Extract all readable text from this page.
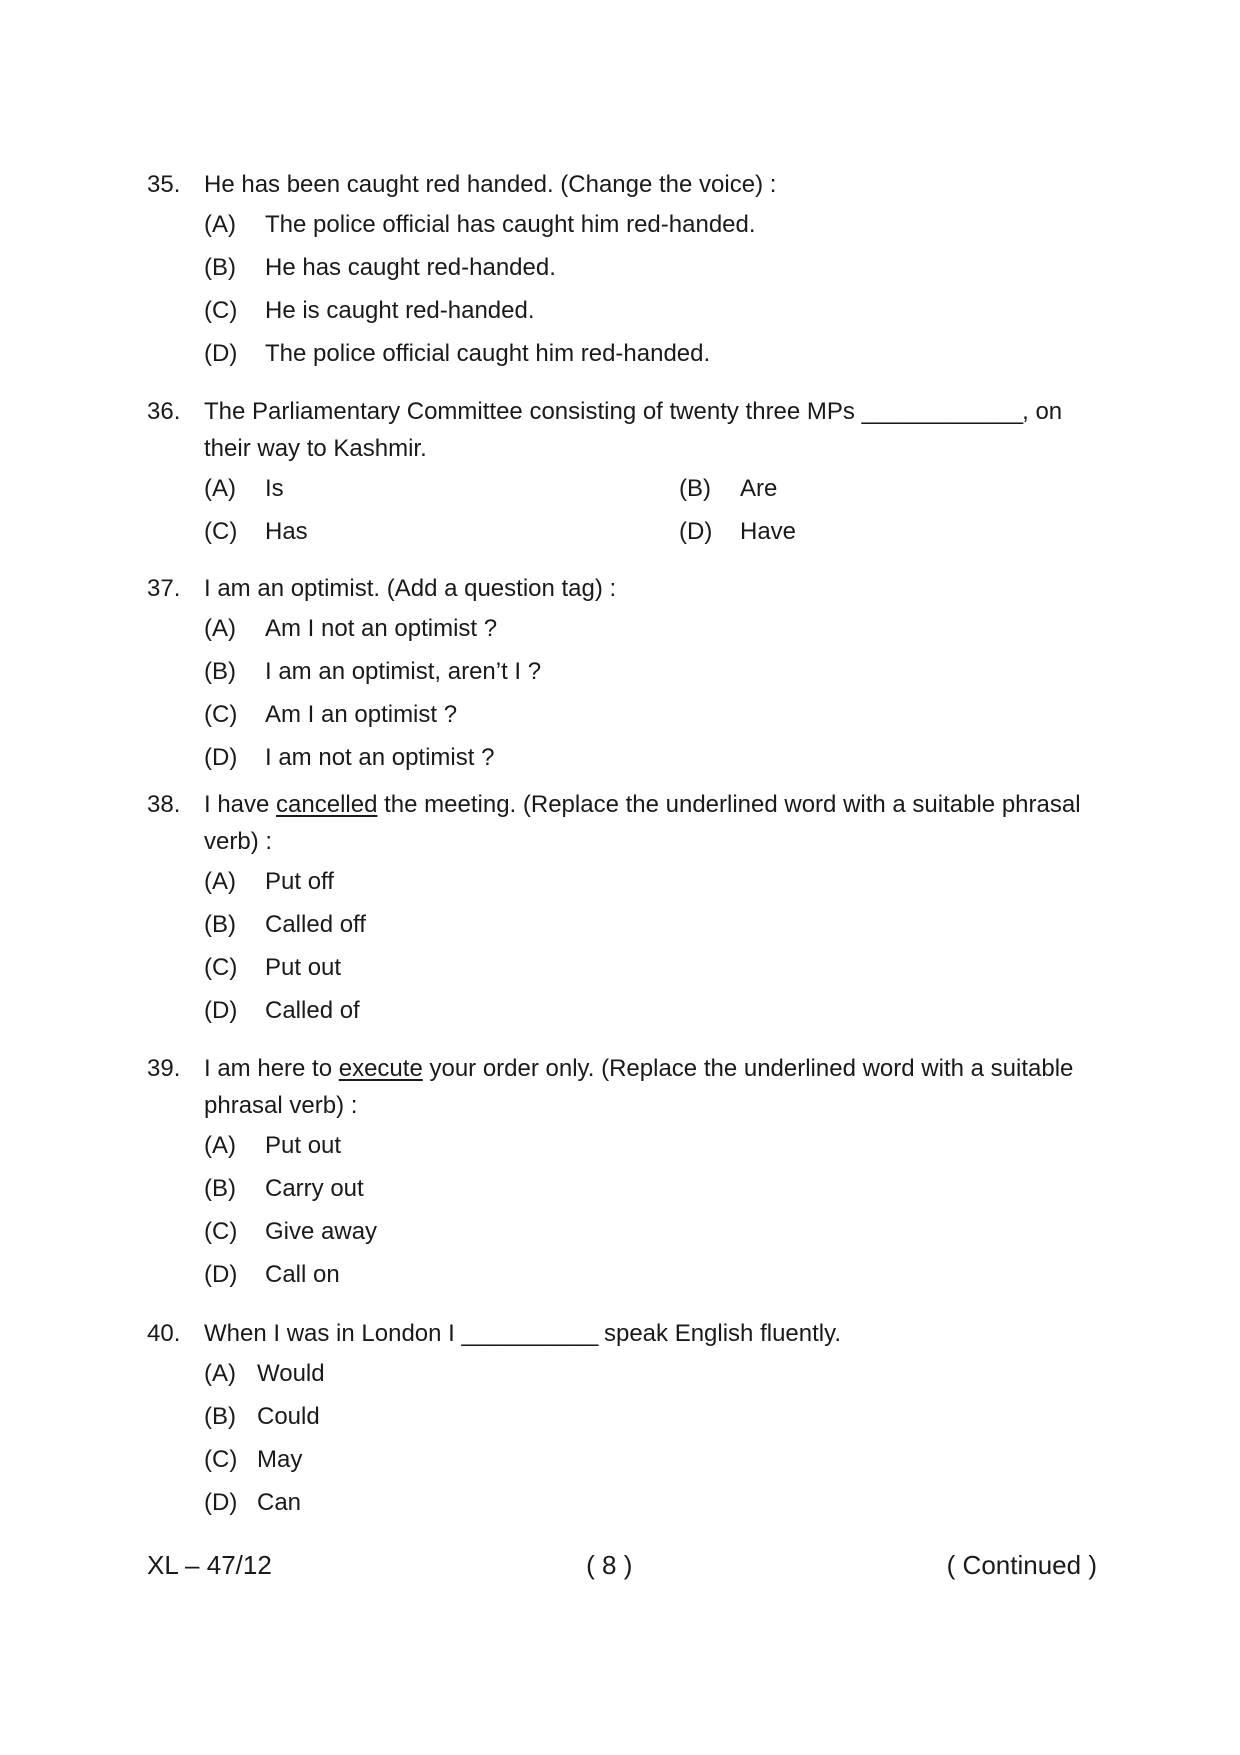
35. He has been caught red handed. (Change the voice) :
(A)	The police official has caught him red-handed.
(B)	He has caught red-handed.
(C)	He is caught red-handed.
(D)	The police official caught him red-handed.
36. The Parliamentary Committee consisting of twenty three MPs _____________, on their way to Kashmir.
(A)	Is	(B)	Are
(C)	Has	(D)	Have
37. I am an optimist. (Add a question tag) :
(A)	Am I not an optimist ?
(B)	I am an optimist, aren’t I ?
(C)	Am I an optimist ?
(D)	I am not an optimist ?
38. I have cancelled the meeting. (Replace the underlined word with a suitable phrasal verb) :
(A)	Put off
(B)	Called off
(C)	Put out
(D)	Called of
39. I am here to execute your order only. (Replace the underlined word with a suitable phrasal verb) :
(A)	Put out
(B)	Carry out
(C)	Give away
(D)	Call on
40. When I was in London I ___________ speak English fluently.
(A) Would
(B) Could
(C) May
(D) Can
XL – 47/12	( 8 )	( Continued )
